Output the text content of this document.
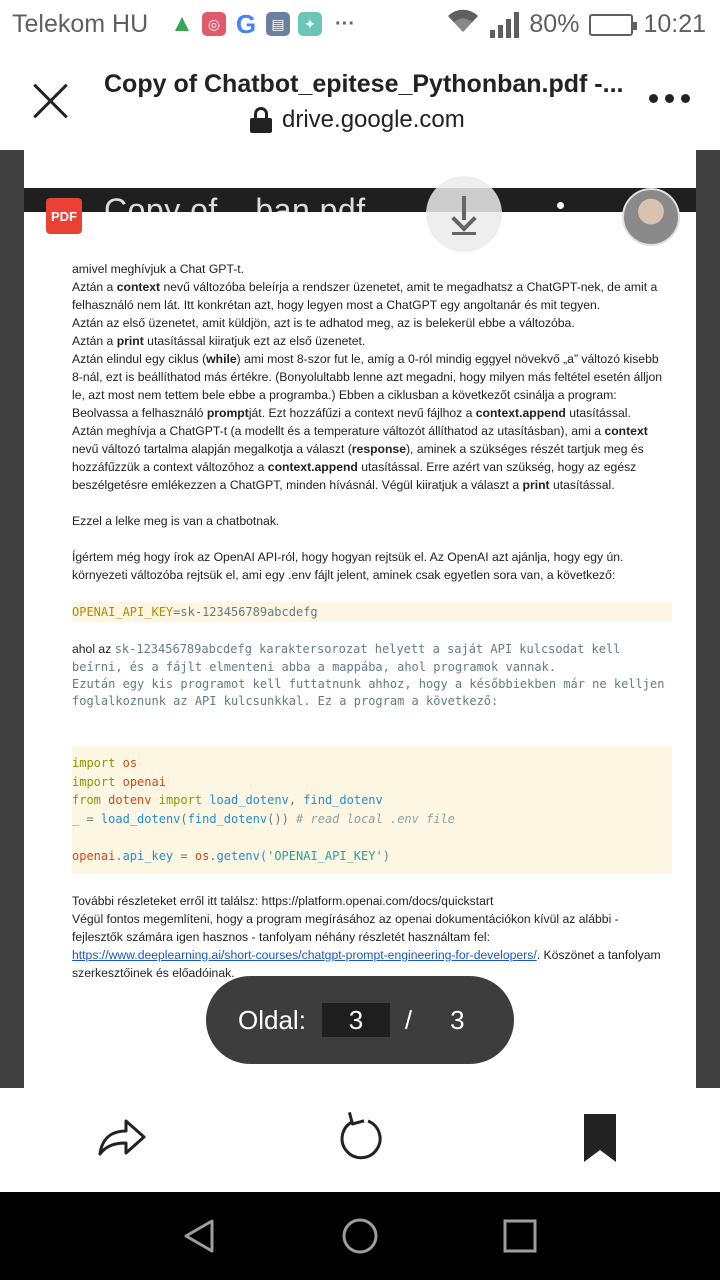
Telekom HU ▲	◎ G	▤	✦ ···	80%	10:21
Copy of Chatbot_epitese_Pythonban.pdf -...
drive.google.com
PDF Copy of ...ban.pdf

amivel meghívjuk a Chat GPT-t.

Aztán a context nevű változóba beleírja a rendszer üzenetet, amit te megadhatsz a ChatGPT-nek, de amit a felhasználó nem lát. Itt konkrétan azt, hogy legyen most a ChatGPT egy angoltanár és mit tegyen.

Aztán az első üzenetet, amit küldjön, azt is te adhatod meg, az is belekerül ebbe a változóba.

Aztán a print utasítással kiiratjuk ezt az első üzenetet.

Aztán elindul egy ciklus (while) ami most 8-szor fut le, amíg a 0-ról mindig eggyel növekvő „a” változó kisebb 8-nál, ezt is beállíthatod más értékre. (Bonyolultabb lenne azt megadni, hogy milyen más feltétel esetén álljon le, azt most nem tettem bele ebbe a programba.) Ebben a ciklusban a következőt csinálja a program:

Beolvassa a felhasználó promptját. Ezt hozzáfűzi a context nevű fájlhoz a context.append utasítással.

Aztán meghívja a ChatGPT-t (a modellt és a temperature változót állíthatod az utasításban), ami a context nevű változó tartalma alapján megalkotja a választ (response), aminek a szükséges részét tartjuk meg és hozzáfűzzük a context változóhoz a context.append utasítással. Erre azért van szükség, hogy az egész beszélgetésre emlékezzen a ChatGPT, minden hívásnál. Végül kiiratjuk a választ a print utasítással.

Ezzel a lelke meg is van a chatbotnak.

Ígértem még hogy írok az OpenAI API-ról, hogy hogyan rejtsük el. Az OpenAI azt ajánlja, hogy egy ún. környezeti változóba rejtsük el, ami egy .env fájlt jelent, aminek csak egyetlen sora van, a következő:

OPENAI_API_KEY=sk-123456789abcdefg

ahol az sk-123456789abcdefg karaktersorozat helyett a saját API kulcsodat kell beírni, és a fájlt elmenteni abba a mappába, ahol programok vannak.

Ezután egy kis programot kell futtatnunk ahhoz, hogy a későbbiekben már ne kelljen foglalkoznunk az API kulcsunkkal. Ez a program a következő:

import os
import openai
from dotenv import load_dotenv, find_dotenv
_ = load_dotenv(find_dotenv()) # read local .env file
openai.api_key = os.getenv('OPENAI_API_KEY')

További részleteket erről itt találsz: https://platform.openai.com/docs/quickstart

Végül fontos megemlíteni, hogy a program megírásához az openai dokumentációkon kívül az alábbi - fejlesztők számára igen hasznos - tanfolyam néhány részletét használtam fel:

https://www.deeplearning.ai/short-courses/chatgpt-prompt-engineering-for-developers/. Köszönet a tanfolyam szerkesztőinek és előadóinak.

Oldal:	3	/ 3
